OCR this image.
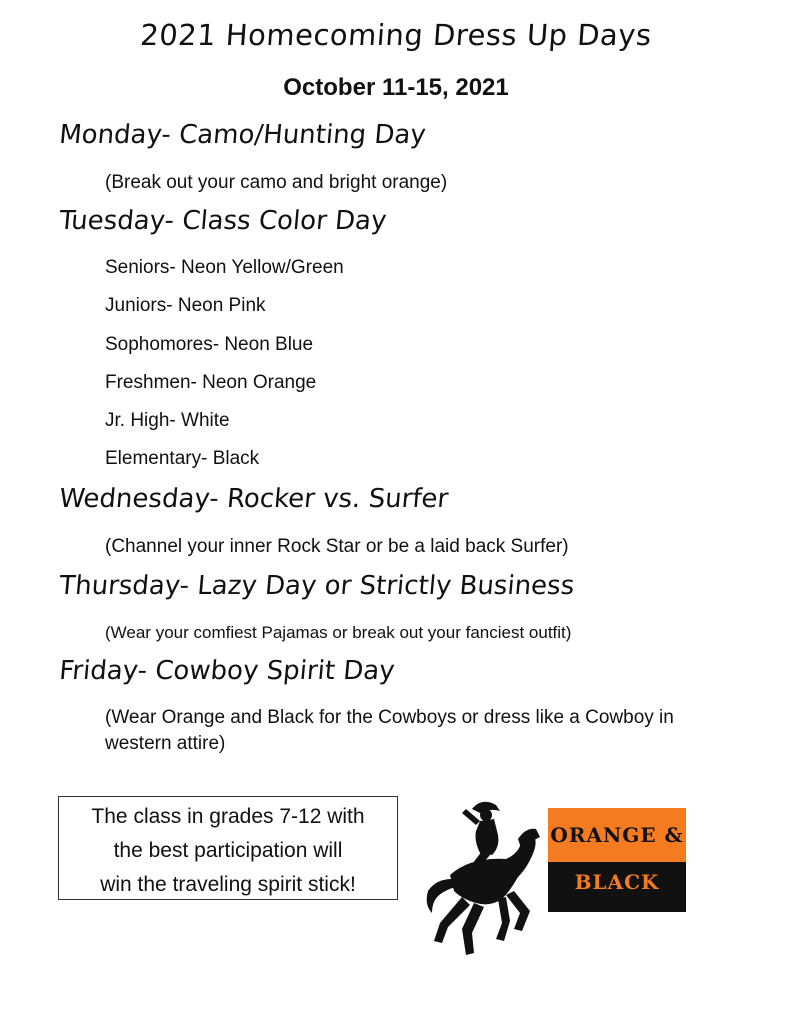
2021 Homecoming Dress Up Days
October 11-15, 2021
Monday- Camo/Hunting Day
(Break out your camo and bright orange)
Tuesday- Class Color Day
Seniors- Neon Yellow/Green
Juniors- Neon Pink
Sophomores- Neon Blue
Freshmen- Neon Orange
Jr. High- White
Elementary- Black
Wednesday- Rocker vs. Surfer
(Channel your inner Rock Star or be a laid back Surfer)
Thursday- Lazy Day or Strictly Business
(Wear your comfiest Pajamas or break out your fanciest outfit)
Friday- Cowboy Spirit Day
(Wear Orange and Black for the Cowboys or dress like a Cowboy in western attire)
The class in grades 7-12 with
the best participation will
win the traveling spirit stick!
ORANGE &
BLACK
